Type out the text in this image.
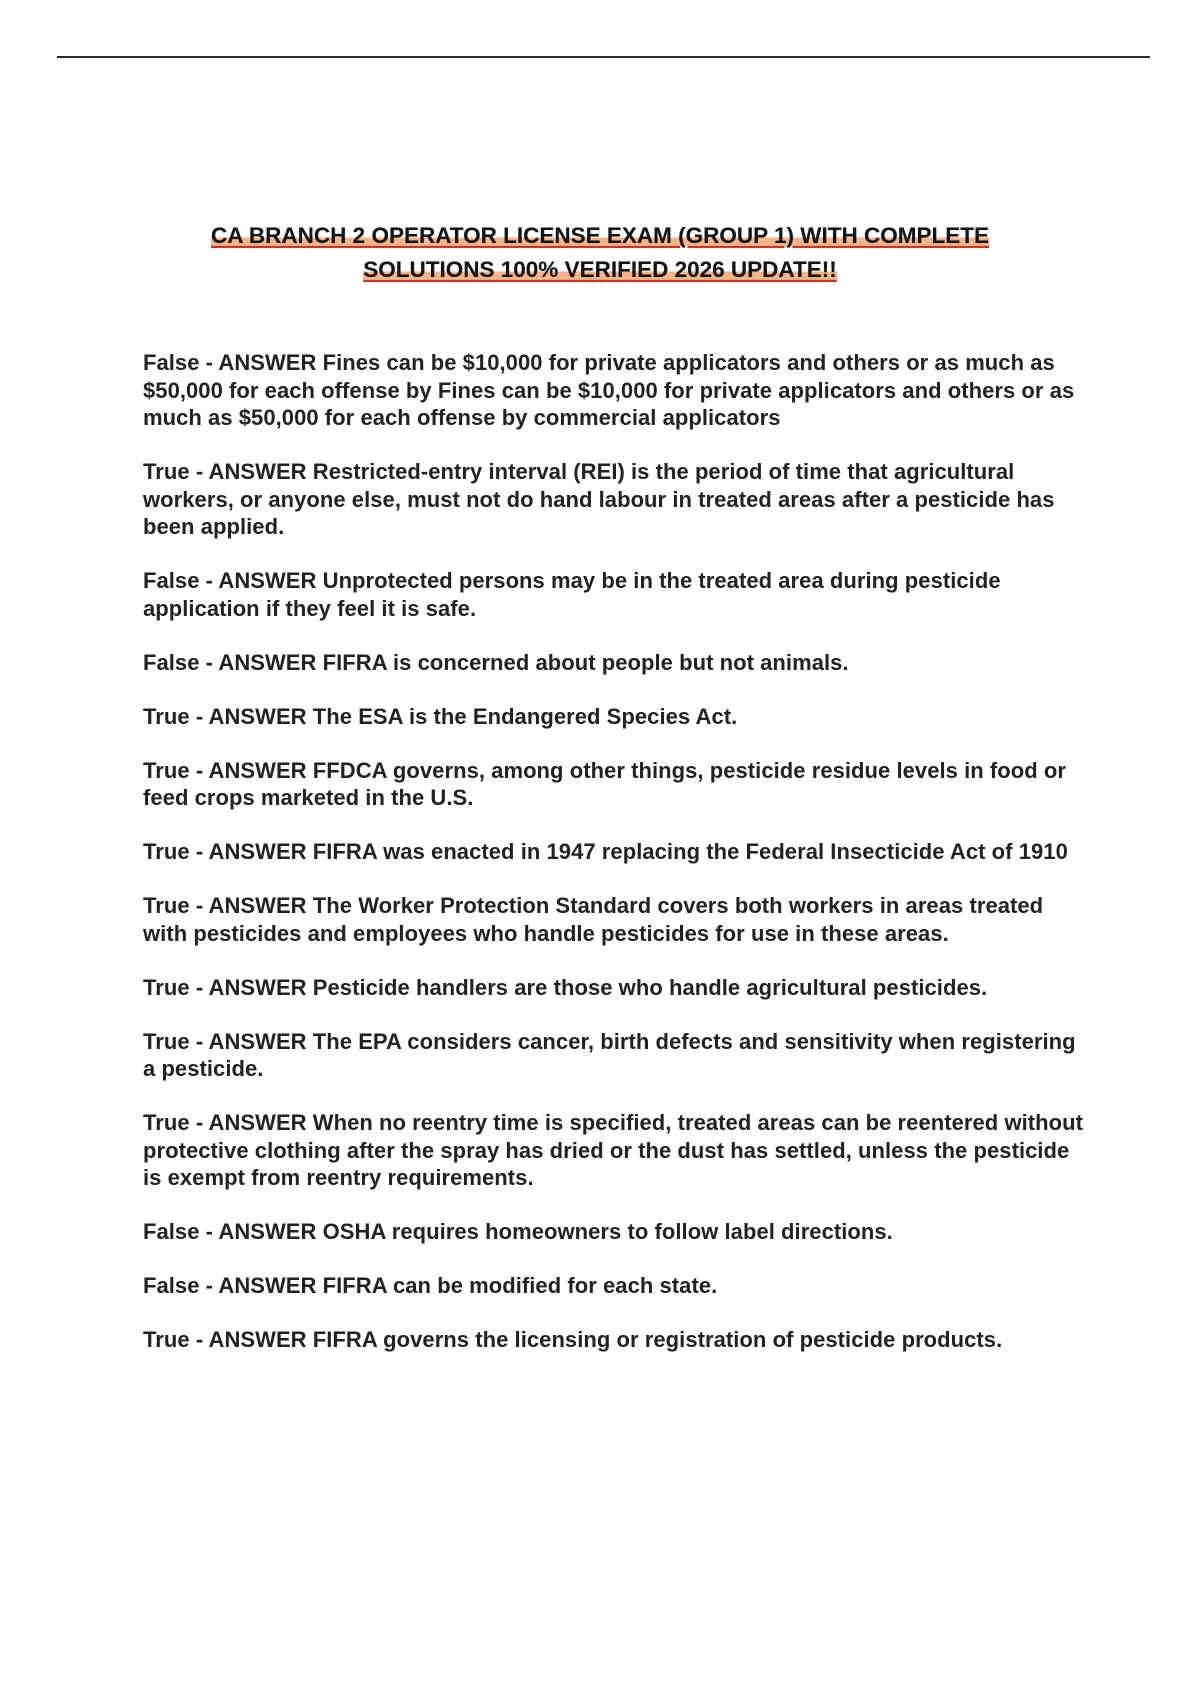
CA BRANCH 2 OPERATOR LICENSE EXAM (GROUP 1) WITH COMPLETE
SOLUTIONS 100% VERIFIED 2026 UPDATE!!

False - ANSWER Fines can be $10,000 for private applicators and others or as much as $50,000 for each offense by Fines can be $10,000 for private applicators and others or as much as $50,000 for each offense by commercial applicators

True - ANSWER Restricted-entry interval (REI) is the period of time that agricultural workers, or anyone else, must not do hand labour in treated areas after a pesticide has been applied.

False - ANSWER Unprotected persons may be in the treated area during pesticide application if they feel it is safe.

False - ANSWER FIFRA is concerned about people but not animals.

True - ANSWER The ESA is the Endangered Species Act.

True - ANSWER FFDCA governs, among other things, pesticide residue levels in food or feed crops marketed in the U.S.

True - ANSWER FIFRA was enacted in 1947 replacing the Federal Insecticide Act of 1910

True - ANSWER The Worker Protection Standard covers both workers in areas treated with pesticides and employees who handle pesticides for use in these areas.

True - ANSWER Pesticide handlers are those who handle agricultural pesticides.

True - ANSWER The EPA considers cancer, birth defects and sensitivity when registering a pesticide.

True - ANSWER When no reentry time is specified, treated areas can be reentered without protective clothing after the spray has dried or the dust has settled, unless the pesticide is exempt from reentry requirements.

False - ANSWER OSHA requires homeowners to follow label directions.

False - ANSWER FIFRA can be modified for each state.

True - ANSWER FIFRA governs the licensing or registration of pesticide products.
